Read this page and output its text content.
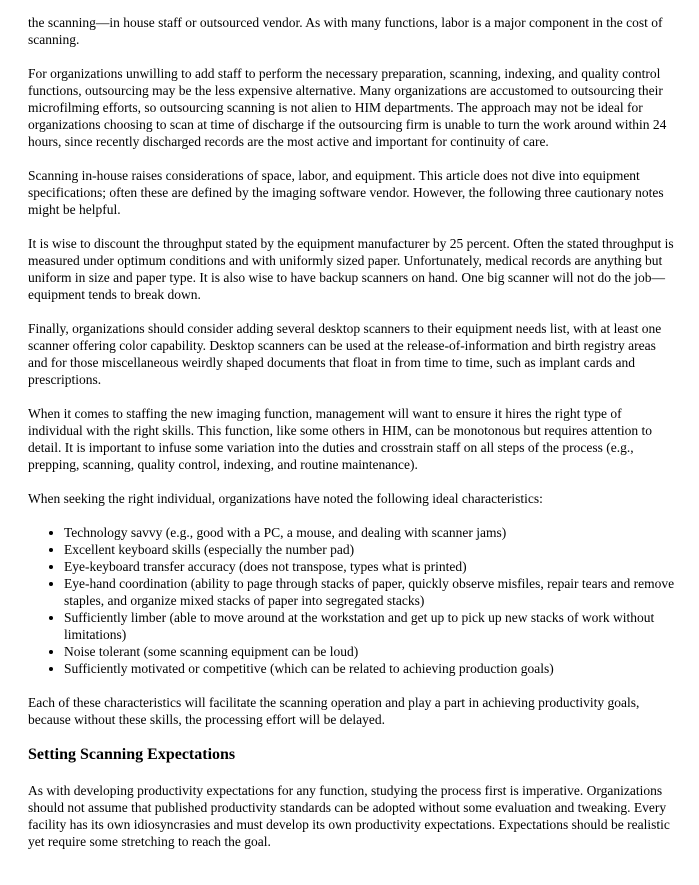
the scanning—in house staff or outsourced vendor. As with many functions, labor is a major component in the cost of scanning.

For organizations unwilling to add staff to perform the necessary preparation, scanning, indexing, and quality control functions, outsourcing may be the less expensive alternative. Many organizations are accustomed to outsourcing their microfilming efforts, so outsourcing scanning is not alien to HIM departments. The approach may not be ideal for organizations choosing to scan at time of discharge if the outsourcing firm is unable to turn the work around within 24 hours, since recently discharged records are the most active and important for continuity of care.

Scanning in-house raises considerations of space, labor, and equipment. This article does not dive into equipment specifications; often these are defined by the imaging software vendor. However, the following three cautionary notes might be helpful.

It is wise to discount the throughput stated by the equipment manufacturer by 25 percent. Often the stated throughput is measured under optimum conditions and with uniformly sized paper. Unfortunately, medical records are anything but uniform in size and paper type. It is also wise to have backup scanners on hand. One big scanner will not do the job—equipment tends to break down.

Finally, organizations should consider adding several desktop scanners to their equipment needs list, with at least one scanner offering color capability. Desktop scanners can be used at the release-of-information and birth registry areas and for those miscellaneous weirdly shaped documents that float in from time to time, such as implant cards and prescriptions.

When it comes to staffing the new imaging function, management will want to ensure it hires the right type of individual with the right skills. This function, like some others in HIM, can be monotonous but requires attention to detail. It is important to infuse some variation into the duties and crosstrain staff on all steps of the process (e.g., prepping, scanning, quality control, indexing, and routine maintenance).

When seeking the right individual, organizations have noted the following ideal characteristics:

• Technology savvy (e.g., good with a PC, a mouse, and dealing with scanner jams)
• Excellent keyboard skills (especially the number pad)
• Eye-keyboard transfer accuracy (does not transpose, types what is printed)
• Eye-hand coordination (ability to page through stacks of paper, quickly observe misfiles, repair tears and remove staples, and organize mixed stacks of paper into segregated stacks)
• Sufficiently limber (able to move around at the workstation and get up to pick up new stacks of work without limitations)
• Noise tolerant (some scanning equipment can be loud)
• Sufficiently motivated or competitive (which can be related to achieving production goals)

Each of these characteristics will facilitate the scanning operation and play a part in achieving productivity goals, because without these skills, the processing effort will be delayed.

Setting Scanning Expectations

As with developing productivity expectations for any function, studying the process first is imperative. Organizations should not assume that published productivity standards can be adopted without some evaluation and tweaking. Every facility has its own idiosyncrasies and must develop its own productivity expectations. Expectations should be realistic yet require some stretching to reach the goal.
